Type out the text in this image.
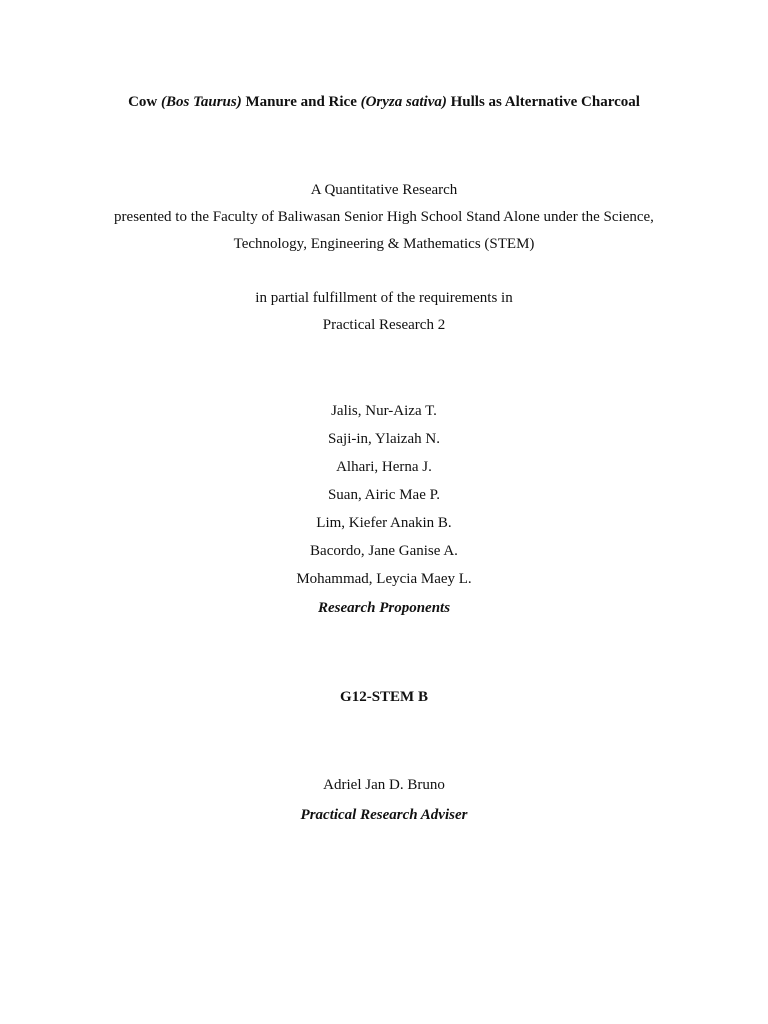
Cow (Bos Taurus) Manure and Rice (Oryza sativa) Hulls as Alternative Charcoal
A Quantitative Research
presented to the Faculty of Baliwasan Senior High School Stand Alone under the Science,
Technology, Engineering & Mathematics (STEM)
in partial fulfillment of the requirements in
Practical Research 2
Jalis, Nur-Aiza T.
Saji-in, Ylaizah N.
Alhari, Herna J.
Suan, Airic Mae P.
Lim, Kiefer Anakin B.
Bacordo, Jane Ganise A.
Mohammad, Leycia Maey L.
Research Proponents
G12-STEM B
Adriel Jan D. Bruno
Practical Research Adviser
